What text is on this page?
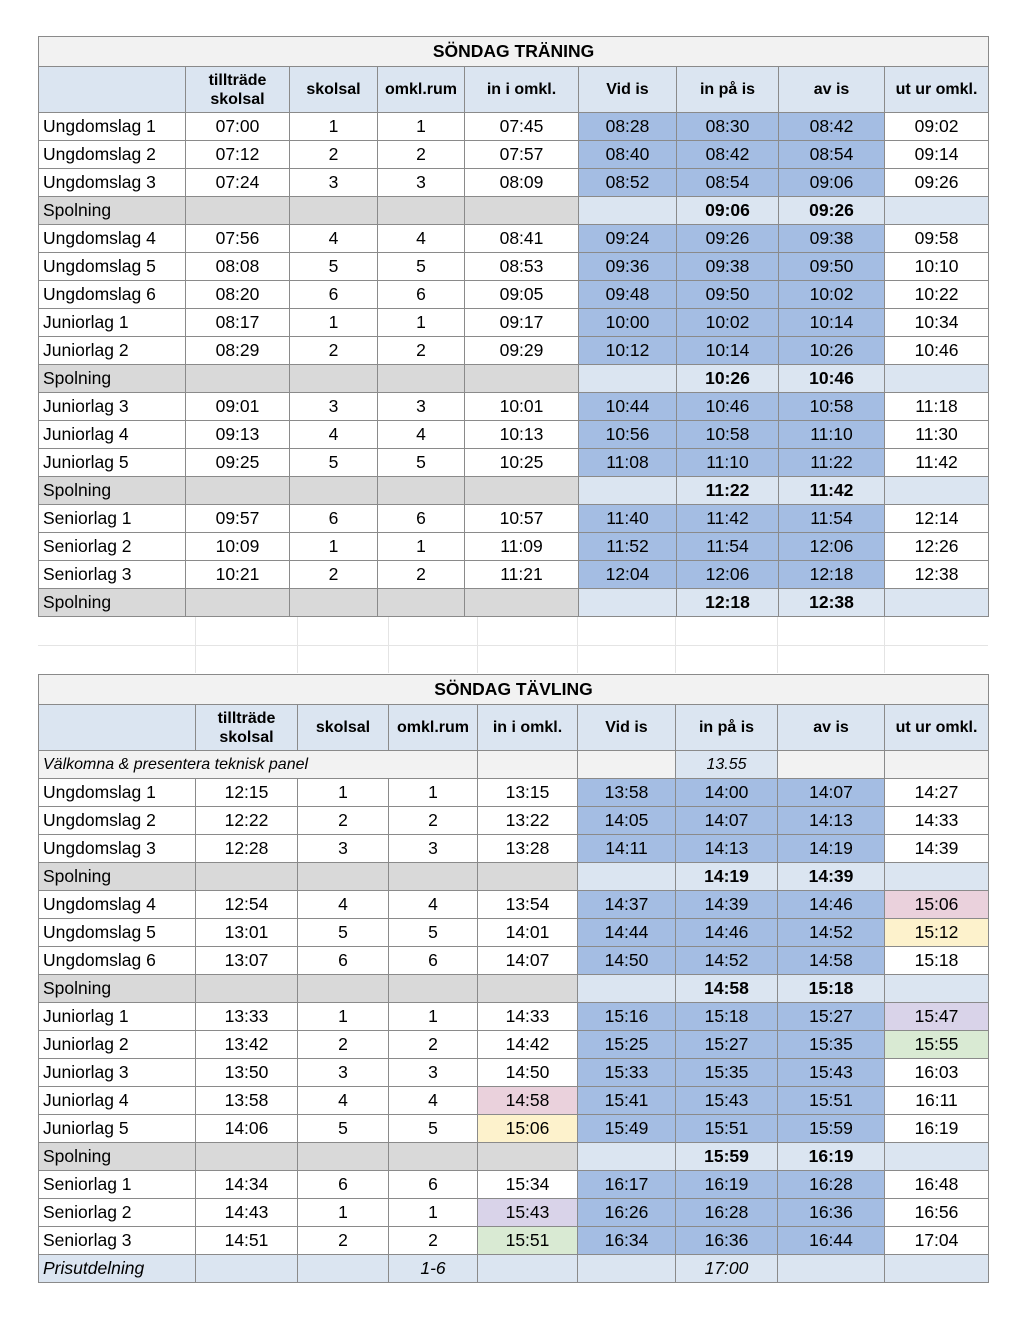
SÖNDAG TRÄNING								
	tillträde skolsal	skolsal	omkl.rum	in i omkl.	Vid is	in på is	av is	ut ur omkl.
Ungdomslag 1	07:00	1	1	07:45	08:28	08:30	08:42	09:02
Ungdomslag 2	07:12	2	2	07:57	08:40	08:42	08:54	09:14
Ungdomslag 3	07:24	3	3	08:09	08:52	08:54	09:06	09:26
Spolning						09:06	09:26	
Ungdomslag 4	07:56	4	4	08:41	09:24	09:26	09:38	09:58
Ungdomslag 5	08:08	5	5	08:53	09:36	09:38	09:50	10:10
Ungdomslag 6	08:20	6	6	09:05	09:48	09:50	10:02	10:22
Juniorlag 1	08:17	1	1	09:17	10:00	10:02	10:14	10:34
Juniorlag 2	08:29	2	2	09:29	10:12	10:14	10:26	10:46
Spolning						10:26	10:46	
Juniorlag 3	09:01	3	3	10:01	10:44	10:46	10:58	11:18
Juniorlag 4	09:13	4	4	10:13	10:56	10:58	11:10	11:30
Juniorlag 5	09:25	5	5	10:25	11:08	11:10	11:22	11:42
Spolning						11:22	11:42	
Seniorlag 1	09:57	6	6	10:57	11:40	11:42	11:54	12:14
Seniorlag 2	10:09	1	1	11:09	11:52	11:54	12:06	12:26
Seniorlag 3	10:21	2	2	11:21	12:04	12:06	12:18	12:38
Spolning						12:18	12:38	
SÖNDAG TÄVLING								
	tillträde skolsal	skolsal	omkl.rum	in i omkl.	Vid is	in på is	av is	ut ur omkl.
Välkomna & presentera teknisk panel						13.55		
Ungdomslag 1	12:15	1	1	13:15	13:58	14:00	14:07	14:27
Ungdomslag 2	12:22	2	2	13:22	14:05	14:07	14:13	14:33
Ungdomslag 3	12:28	3	3	13:28	14:11	14:13	14:19	14:39
Spolning						14:19	14:39	
Ungdomslag 4	12:54	4	4	13:54	14:37	14:39	14:46	15:06
Ungdomslag 5	13:01	5	5	14:01	14:44	14:46	14:52	15:12
Ungdomslag 6	13:07	6	6	14:07	14:50	14:52	14:58	15:18
Spolning						14:58	15:18	
Juniorlag 1	13:33	1	1	14:33	15:16	15:18	15:27	15:47
Juniorlag 2	13:42	2	2	14:42	15:25	15:27	15:35	15:55
Juniorlag 3	13:50	3	3	14:50	15:33	15:35	15:43	16:03
Juniorlag 4	13:58	4	4	14:58	15:41	15:43	15:51	16:11
Juniorlag 5	14:06	5	5	15:06	15:49	15:51	15:59	16:19
Spolning						15:59	16:19	
Seniorlag 1	14:34	6	6	15:34	16:17	16:19	16:28	16:48
Seniorlag 2	14:43	1	1	15:43	16:26	16:28	16:36	16:56
Seniorlag 3	14:51	2	2	15:51	16:34	16:36	16:44	17:04
Prisutdelning			1-6			17:00		
